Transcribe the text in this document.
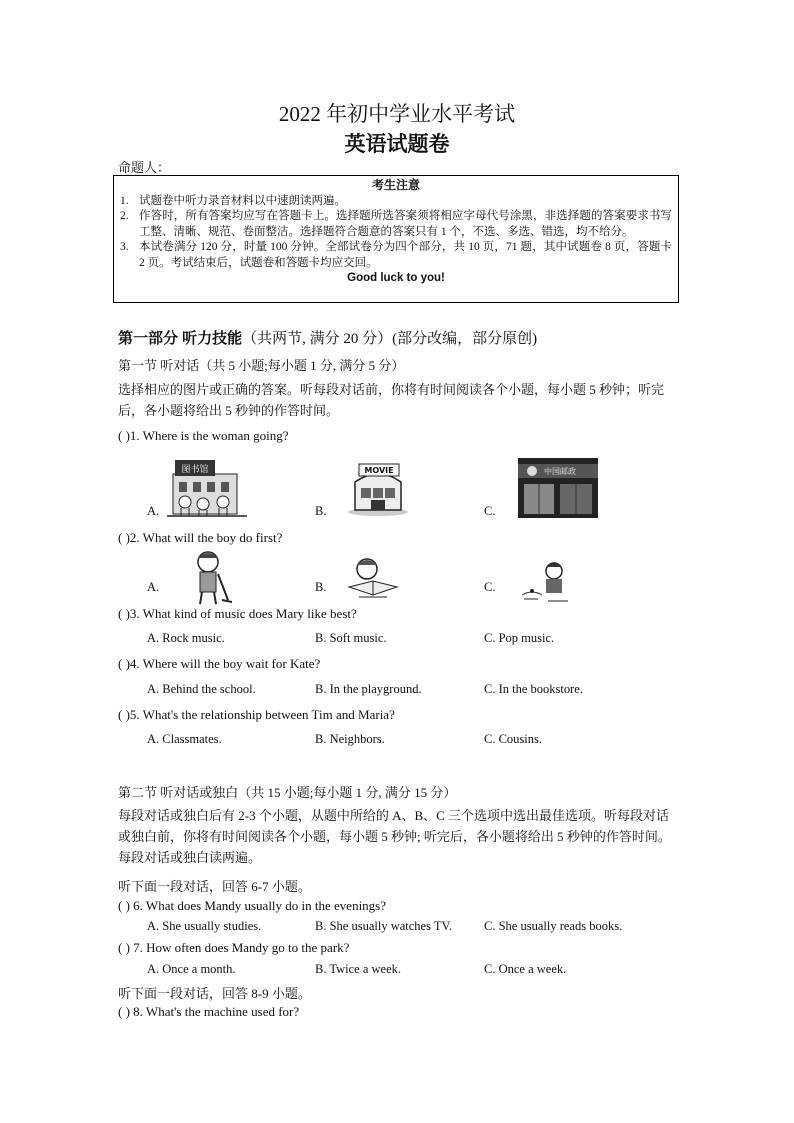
2022 年初中学业水平考试
英语试题卷
命题人：
考生注意
1. 试题卷中听力录音材料以中速朗读两遍。
2. 作答时，所有答案均应写在答题卡上。选择题所选答案须将相应字母代号涂黑，非选择题的答案要求书写工整、清晰、规范、卷面整洁。选择题符合题意的答案只有 1 个，不选、多选、错选，均不给分。
3. 本试卷满分 120 分，时量 100 分钟。全部试卷分为四个部分，共 10 页，71 题，其中试题卷 8 页，答题卡 2 页。考试结束后，试题卷和答题卡均应交回。
Good luck to you!
第一部分 听力技能（共两节, 满分 20 分）(部分改编，部分原创)
第一节 听对话（共 5 小题;每小题 1 分, 满分 5 分）
选择相应的图片或正确的答案。听每段对话前，你将有时间阅读各个小题，每小题 5 秒钟；听完后，各小题将给出 5 秒钟的作答时间。
( )1. Where is the woman going?
A.	B.	C.
图书馆	MOVIE	中国邮政
( )2. What will the boy do first?
A.	B.	C.
( )3. What kind of music does Mary like best?
A. Rock music.	B. Soft music.	C. Pop music.
( )4. Where will the boy wait for Kate?
A. Behind the school.	B. In the playground.	C. In the bookstore.
( )5. What's the relationship between Tim and Maria?
A. Classmates.	B. Neighbors.	C. Cousins.
第二节 听对话或独白（共 15 小题;每小题 1 分, 满分 15 分）
每段对话或独白后有 2-3 个小题，从题中所给的 A、B、C 三个选项中选出最佳选项。听每段对话或独白前，你将有时间阅读各个小题，每小题 5 秒钟; 听完后，各小题将给出 5 秒钟的作答时间。每段对话或独白读两遍。
听下面一段对话，回答 6-7 小题。
( ) 6. What does Mandy usually do in the evenings?
A. She usually studies.	B. She usually watches TV.	C. She usually reads books.
( ) 7. How often does Mandy go to the park?
A. Once a month.	B. Twice a week.	C. Once a week.
听下面一段对话，回答 8-9 小题。
( ) 8. What's the machine used for?
